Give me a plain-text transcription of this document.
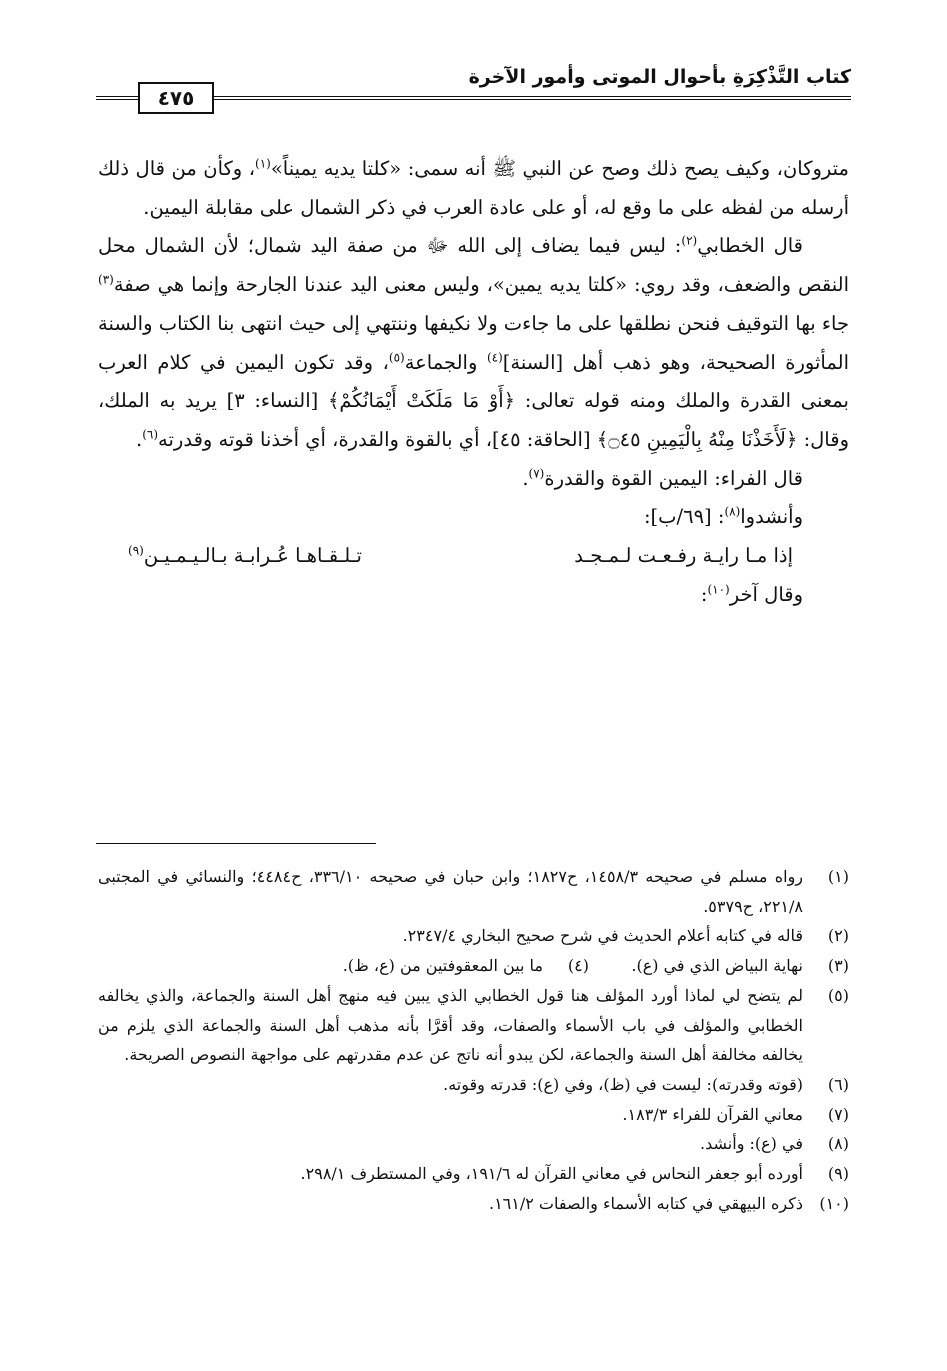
كتاب التَّذْكِرَةِ بأحوال الموتى وأمور الآخرة
٤٧٥

متروكان، وكيف يصح ذلك وصح عن النبي ﷺ أنه سمى: «كلتا يديه يميناً»$^{(١)}$، وكأن من قال ذلك أرسله من لفظه على ما وقع له، أو على عادة العرب في ذكر الشمال على مقابلة اليمين.

قال الخطابي$^{(٢)}$: ليس فيما يضاف إلى الله ﷻ من صفة اليد شمال؛ لأن الشمال محل النقص والضعف، وقد روي: «كلتا يديه يمين»، وليس معنى اليد عندنا الجارحة وإنما هي صفة$^{(٣)}$ جاء بها التوقيف فنحن نطلقها على ما جاءت ولا نكيفها وننتهي إلى حيث انتهى بنا الكتاب والسنة المأثورة الصحيحة، وهو ذهب أهل [السنة]$^{(٤)}$ والجماعة$^{(٥)}$، وقد تكون اليمين في كلام العرب بمعنى القدرة والملك ومنه قوله تعالى: ﴿أَوْ مَا مَلَكَتْ أَيْمَانُكُمْ﴾ [النساء: ٣] يريد به الملك، وقال: ﴿لَأَخَذْنَا مِنْهُ بِالْيَمِينِ ۝٤٥﴾ [الحاقة: ٤٥]، أي بالقوة والقدرة، أي أخذنا قوته وقدرته$^{(٦)}$.

قال الفراء: اليمين القوة والقدرة$^{(٧)}$.

وأنشدوا$^{(٨)}$: [٦٩/ب]:

إذا مـا رايـة رفـعـت لـمـجـد
تـلـقـاهـا عُـرابـة بـالـيـمـيـن$^{(٩)}$

وقال آخر$^{(١٠)}$:

(١)
رواه مسلم في صحيحه ١٤٥٨/٣، ح١٨٢٧؛ وابن حبان في صحيحه ٣٣٦/١٠، ح٤٤٨٤؛ والنسائي في المجتبى ٢٢١/٨، ح٥٣٧٩.
(٢)
قاله في كتابه أعلام الحديث في شرح صحيح البخاري ٢٣٤٧/٤.
(٣)
نهاية البياض الذي في (ع).
(٤)
ما بين المعقوفتين من (ع، ظ).
(٥)
لم يتضح لي لماذا أورد المؤلف هنا قول الخطابي الذي يبين فيه منهج أهل السنة والجماعة، والذي يخالفه الخطابي والمؤلف في باب الأسماء والصفات، وقد أقرَّا بأنه مذهب أهل السنة والجماعة الذي يلزم من يخالفه مخالفة أهل السنة والجماعة، لكن يبدو أنه ناتج عن عدم مقدرتهم على مواجهة النصوص الصريحة.
(٦)
(قوته وقدرته): ليست في (ظ)، وفي (ع): قدرته وقوته.
(٧)
معاني القرآن للفراء ١٨٣/٣.
(٨)
في (ع): وأنشد.
(٩)
أورده أبو جعفر النحاس في معاني القرآن له ١٩١/٦، وفي المستطرف ٢٩٨/١.
(١٠)
ذكره البيهقي في كتابه الأسماء والصفات ١٦١/٢.
